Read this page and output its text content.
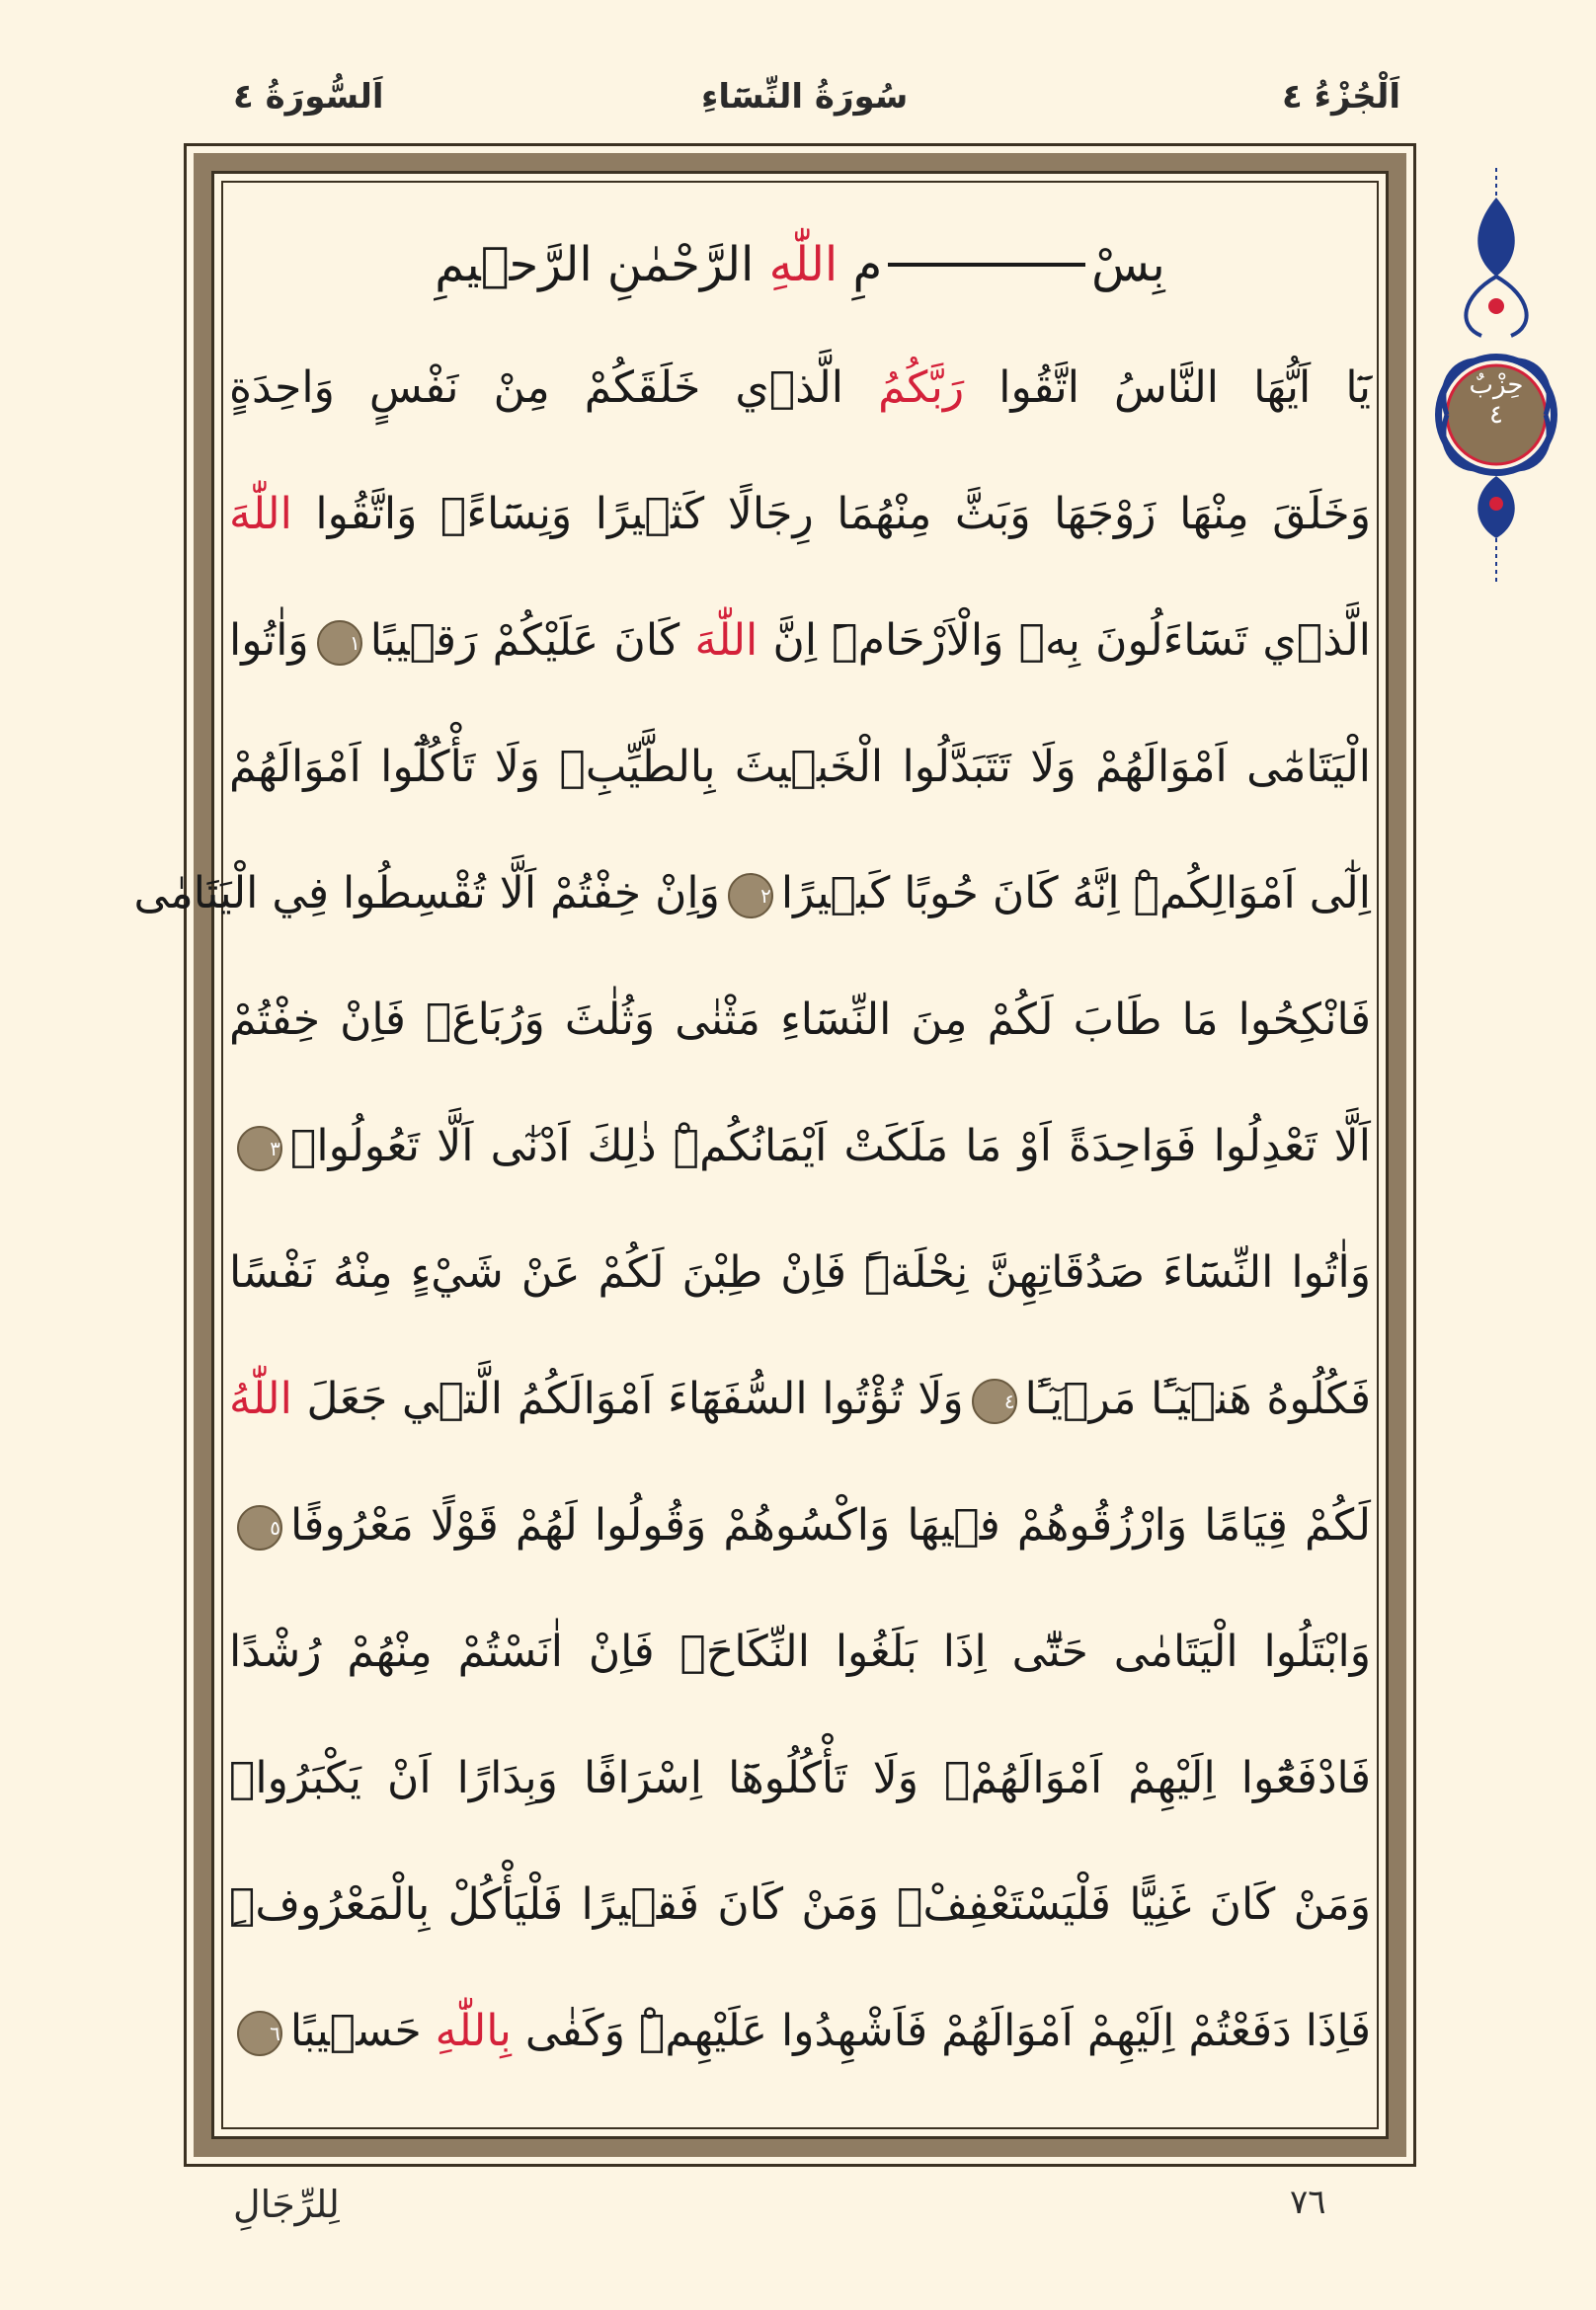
اَلْجُزْءُ ٤
سُورَةُ النِّسَٓاءِ
اَلسُّورَةُ ٤
حِزْبٌ
٤
بِسْ
مِ

اللّٰهِ

الرَّحْمٰنِ الرَّح۪يمِ
يَٓا اَيُّهَا النَّاسُ اتَّقُوا رَبَّكُمُ الَّذ۪ي خَلَقَكُمْ مِنْ نَفْسٍ وَاحِدَةٍ
وَخَلَقَ مِنْهَا زَوْجَهَا وَبَثَّ مِنْهُمَا رِجَالًا كَث۪يرًا وَنِسَٓاءًۚ وَاتَّقُوا اللّٰهَ
الَّذ۪ي تَسَٓاءَلُونَ بِه۪ وَالْاَرْحَامَۜ اِنَّ اللّٰهَ كَانَ عَلَيْكُمْ رَق۪يبًا١وَاٰتُوا
الْيَتَامٰٓى اَمْوَالَهُمْ وَلَا تَتَبَدَّلُوا الْخَب۪يثَ بِالطَّيِّبِۖ وَلَا تَأْكُلُٓوا اَمْوَالَهُمْ
اِلٰٓى اَمْوَالِكُمْۜ اِنَّهُ كَانَ حُوبًا كَب۪يرًا٢وَاِنْ خِفْتُمْ اَلَّا تُقْسِطُوا فِي الْيَتَامٰى
فَانْكِحُوا مَا طَابَ لَكُمْ مِنَ النِّسَٓاءِ مَثْنٰى وَثُلٰثَ وَرُبَاعَۚ فَاِنْ خِفْتُمْ
اَلَّا تَعْدِلُوا فَوَاحِدَةً اَوْ مَا مَلَكَتْ اَيْمَانُكُمْۜ ذٰلِكَ اَدْنٰٓى اَلَّا تَعُولُواۜ٣
وَاٰتُوا النِّسَٓاءَ صَدُقَاتِهِنَّ نِحْلَةًۜ فَاِنْ طِبْنَ لَكُمْ عَنْ شَيْءٍ مِنْهُ نَفْسًا
فَكُلُوهُ هَن۪يٓـًٔا مَر۪يٓـًٔا٤وَلَا تُؤْتُوا السُّفَهَٓاءَ اَمْوَالَكُمُ الَّت۪ي جَعَلَ اللّٰهُ
لَكُمْ قِيَامًا وَارْزُقُوهُمْ ف۪يهَا وَاكْسُوهُمْ وَقُولُوا لَهُمْ قَوْلًا مَعْرُوفًا٥
وَابْتَلُوا الْيَتَامٰى حَتّٰٓى اِذَا بَلَغُوا النِّكَاحَۚ فَاِنْ اٰنَسْتُمْ مِنْهُمْ رُشْدًا
فَادْفَعُٓوا اِلَيْهِمْ اَمْوَالَهُمْۚ وَلَا تَأْكُلُوهَٓا اِسْرَافًا وَبِدَارًا اَنْ يَكْبَرُواۜ
وَمَنْ كَانَ غَنِيًّا فَلْيَسْتَعْفِفْۚ وَمَنْ كَانَ فَق۪يرًا فَلْيَأْكُلْ بِالْمَعْرُوفِۜ
فَاِذَا دَفَعْتُمْ اِلَيْهِمْ اَمْوَالَهُمْ فَاَشْهِدُوا عَلَيْهِمْۜ وَكَفٰى بِاللّٰهِ حَس۪يبًا٦
٧٦
لِلرِّجَالِ
